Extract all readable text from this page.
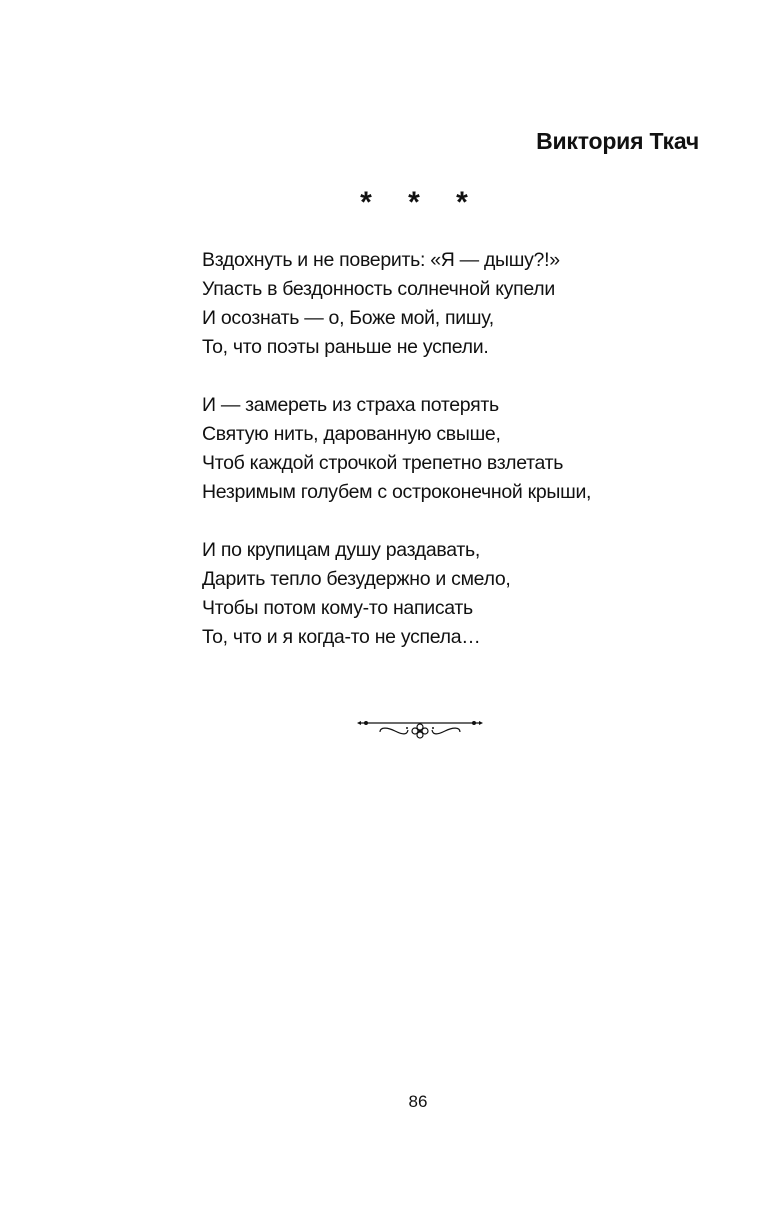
Виктория Ткач
* * *
Вздохнуть и не поверить: «Я — дышу?!»
Упасть в бездонность солнечной купели
И осознать — о, Боже мой, пишу,
То, что поэты раньше не успели.
И — замереть из страха потерять
Святую нить, дарованную свыше,
Чтоб каждой строчкой трепетно взлетать
Незримым голубем с остроконечной крыши,
И по крупицам душу раздавать,
Дарить тепло безудержно и смело,
Чтобы потом кому-то написать
То, что и я когда-то не успела…
86
